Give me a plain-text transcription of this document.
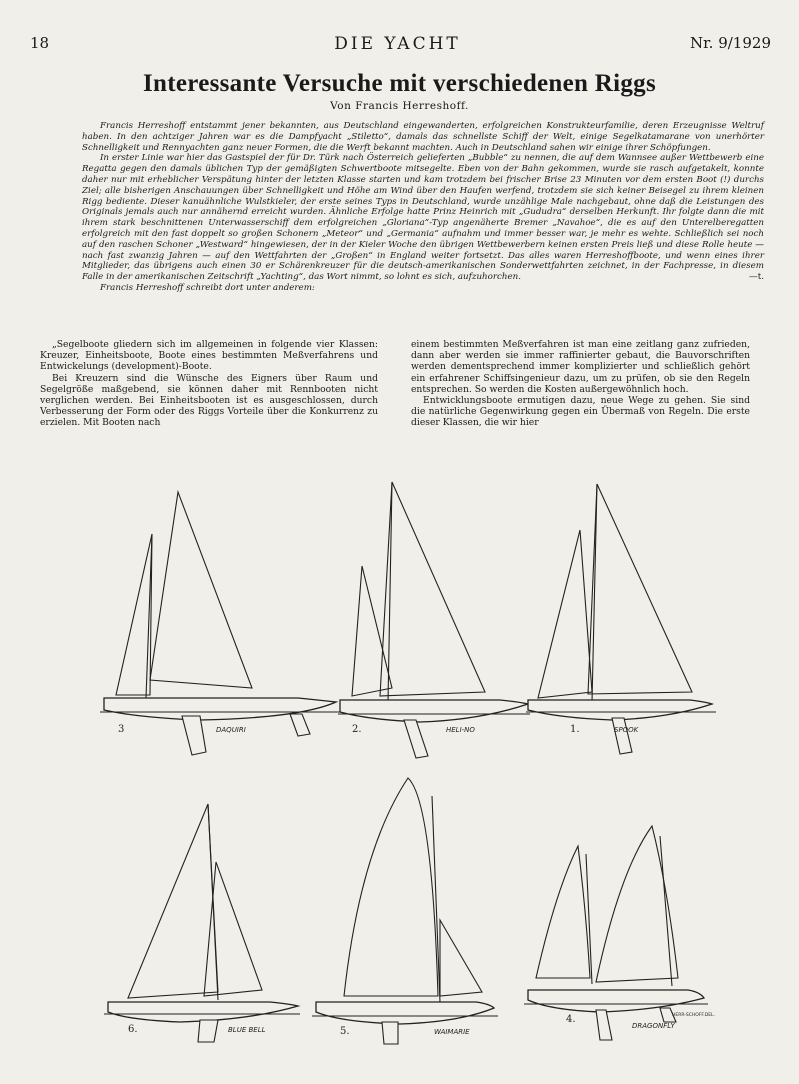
18	DIE YACHT	Nr. 9/1929
Interessante Versuche mit verschiedenen Riggs
Von Francis Herreshoff.

Francis Herreshoff entstammt jener bekannten, aus Deutschland eingewanderten, erfolgreichen Konstrukteurfamilie, deren Erzeugnisse Weltruf haben. In den achtziger Jahren war es die Dampfyacht „Stiletto“, damals das schnellste Schiff der Welt, einige Segelkatamarane von unerhörter Schnelligkeit und Rennyachten ganz neuer Formen, die die Werft bekannt machten. Auch in Deutschland sahen wir einige ihrer Schöpfungen.

In erster Linie war hier das Gastspiel der für Dr. Türk nach Österreich gelieferten „Bubble“ zu nennen, die auf dem Wannsee außer Wettbewerb eine Regatta gegen den damals üblichen Typ der gemäßigten Schwertboote mitsegelte. Eben von der Bahn gekommen, wurde sie rasch aufgetakelt, konnte daher nur mit erheblicher Verspätung hinter der letzten Klasse starten und kam trotzdem bei frischer Brise 23 Minuten vor dem ersten Boot (!) durchs Ziel; alle bisherigen Anschauungen über Schnelligkeit und Höhe am Wind über den Haufen werfend, trotzdem sie sich keiner Beisegel zu ihrem kleinen Rigg bediente. Dieser kanuähnliche Wulstkieler, der erste seines Typs in Deutschland, wurde unzählige Male nachgebaut, ohne daß die Leistungen des Originals jemals auch nur annähernd erreicht wurden. Ähnliche Erfolge hatte Prinz Heinrich mit „Gududra“ derselben Herkunft. Ihr folgte dann die mit ihrem stark beschnittenen Unterwasserschiff dem erfolgreichen „Gloriana“-Typ angenäherte Bremer „Navahoe“, die es auf den Unterelberegatten erfolgreich mit den fast doppelt so großen Schonern „Meteor“ und „Germania“ aufnahm und immer besser war, je mehr es wehte. Schließlich sei noch auf den raschen Schoner „Westward“ hingewiesen, der in der Kieler Woche den übrigen Wettbewerbern keinen ersten Preis ließ und diese Rolle heute — nach fast zwanzig Jahren — auf den Wettfahrten der „Großen“ in England weiter fortsetzt. Das alles waren Herreshoffboote, und wenn eines ihrer Mitglieder, das übrigens auch einen 30 er Schärenkreuzer für die deutsch-amerikanischen Sonderwettfahrten zeichnet, in der Fachpresse, in diesem Falle in der amerikanischen Zeitschrift „Yachting“, das Wort nimmt, so lohnt es sich, aufzuhorchen.	—t.

Francis Herreshoff schreibt dort unter anderem:

„Segelboote gliedern sich im allgemeinen in folgende vier Klassen: Kreuzer, Einheitsboote, Boote eines bestimmten Meßverfahrens und Entwickelungs (development)-Boote.

Bei Kreuzern sind die Wünsche des Eigners über Raum und Segelgröße maßgebend, sie können daher mit Rennbooten nicht verglichen werden. Bei Einheitsbooten ist es ausgeschlossen, durch Verbesserung der Form oder des Riggs Vorteile über die Konkurrenz zu erzielen. Mit Booten nach

einem bestimmten Meßverfahren ist man eine zeitlang ganz zufrieden, dann aber werden sie immer raffinierter gebaut, die Bauvorschriften werden dementsprechend immer komplizierter und schließlich gehört ein erfahrener Schiffsingenieur dazu, um zu prüfen, ob sie den Regeln entsprechen. So werden die Kosten außergewöhnlich hoch.

Entwicklungsboote ermutigen dazu, neue Wege zu gehen. Sie sind die natürliche Gegenwirkung gegen ein Übermaß von Regeln. Die erste dieser Klassen, die wir hier

3	DAQUIRI	2.	HELI-NO	1.	SPOOK
6.	BLUE BELL	5.	WAIMARIE
4.
DRAGONFLY
HERR-SCHOFF.DEL.
